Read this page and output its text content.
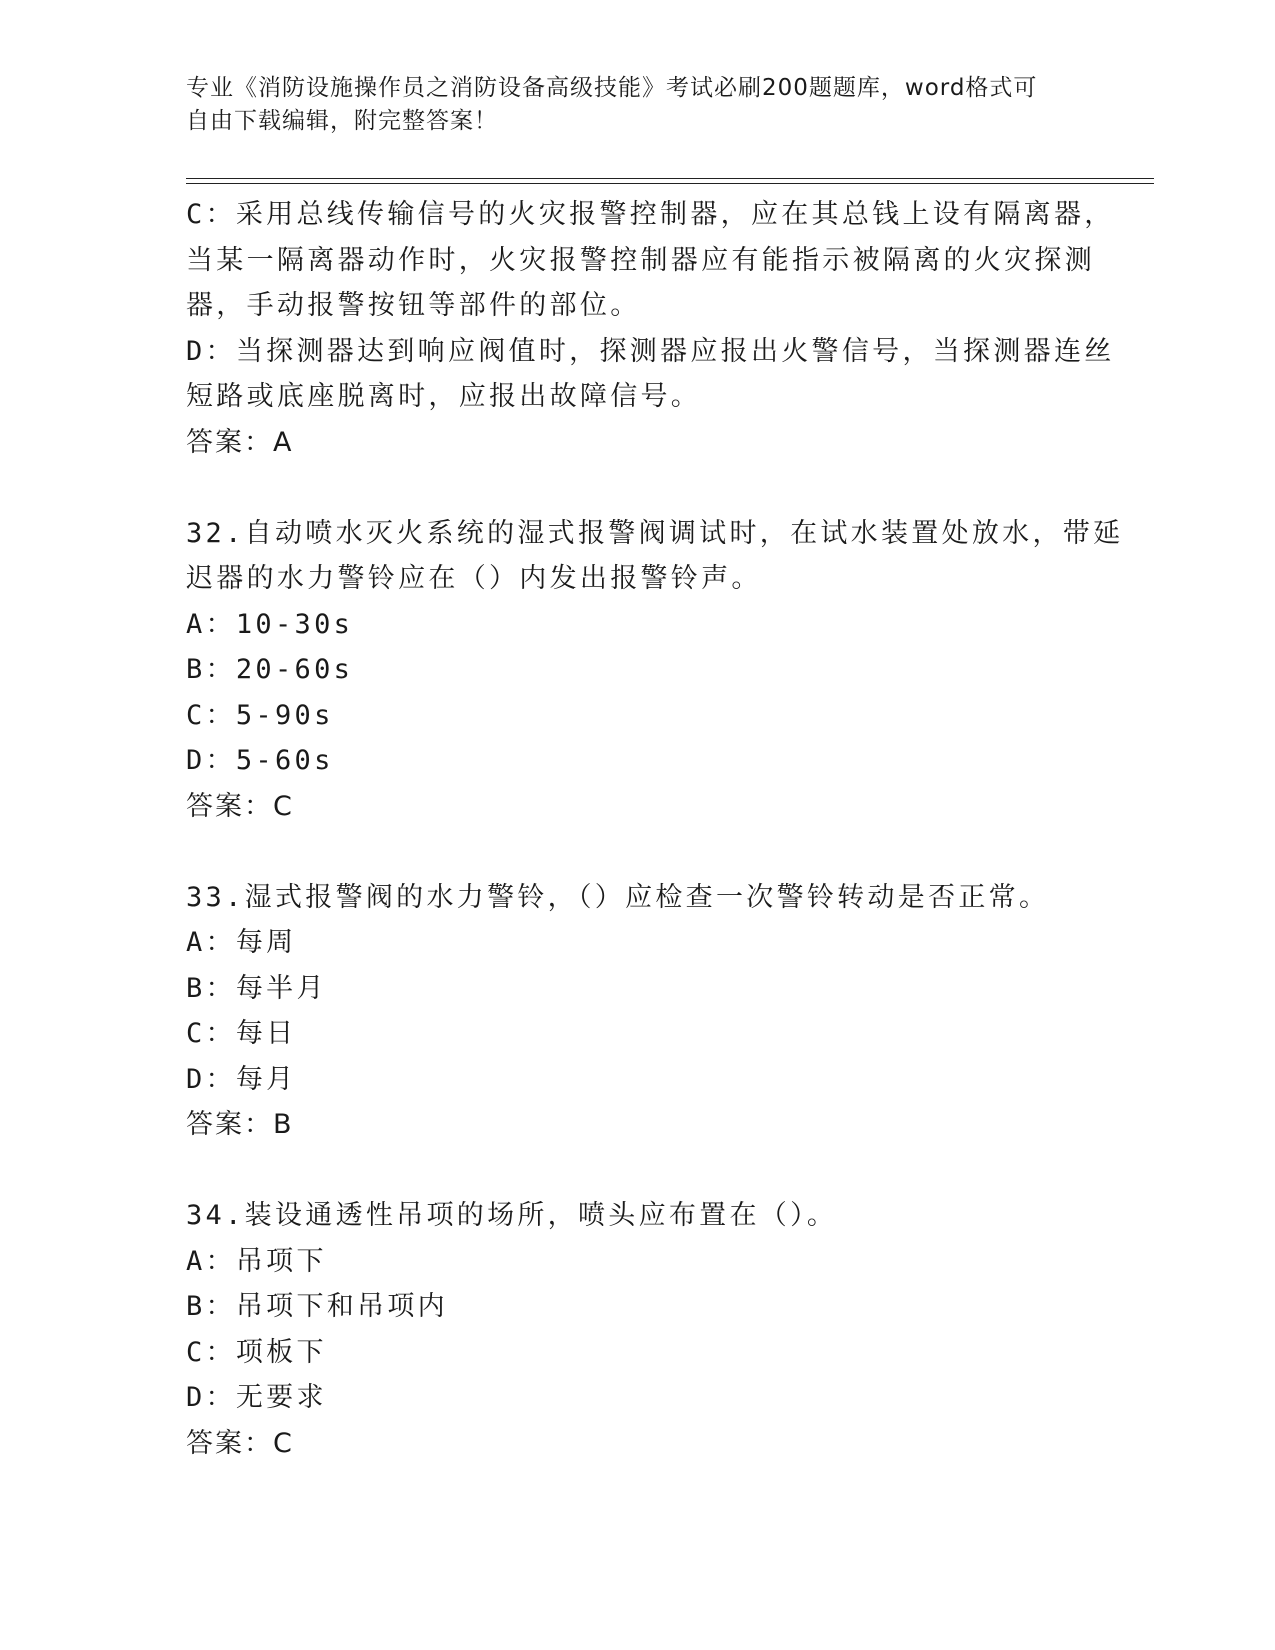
专业《消防设施操作员之消防设备高级技能》考试必刷200题题库，word格式可
自由下载编辑，附完整答案！
C：采用总线传输信号的火灾报警控制器，应在其总钱上设有隔离器，
当某一隔离器动作时，火灾报警控制器应有能指示被隔离的火灾探测
器，手动报警按钮等部件的部位。
D：当探测器达到响应阀值时，探测器应报出火警信号，当探测器连丝
短路或底座脱离时，应报出故障信号。
答案：A
32.自动喷水灭火系统的湿式报警阀调试时，在试水装置处放水，带延
迟器的水力警铃应在（）内发出报警铃声。
A：10-30s
B：20-60s
C：5-90s
D：5-60s
答案：C
33.湿式报警阀的水力警铃，（）应检查一次警铃转动是否正常。
A：每周
B：每半月
C：每日
D：每月
答案：B
34.装设通透性吊项的场所，喷头应布置在（）。
A：吊项下
B：吊项下和吊项内
C：项板下
D：无要求
答案：C
